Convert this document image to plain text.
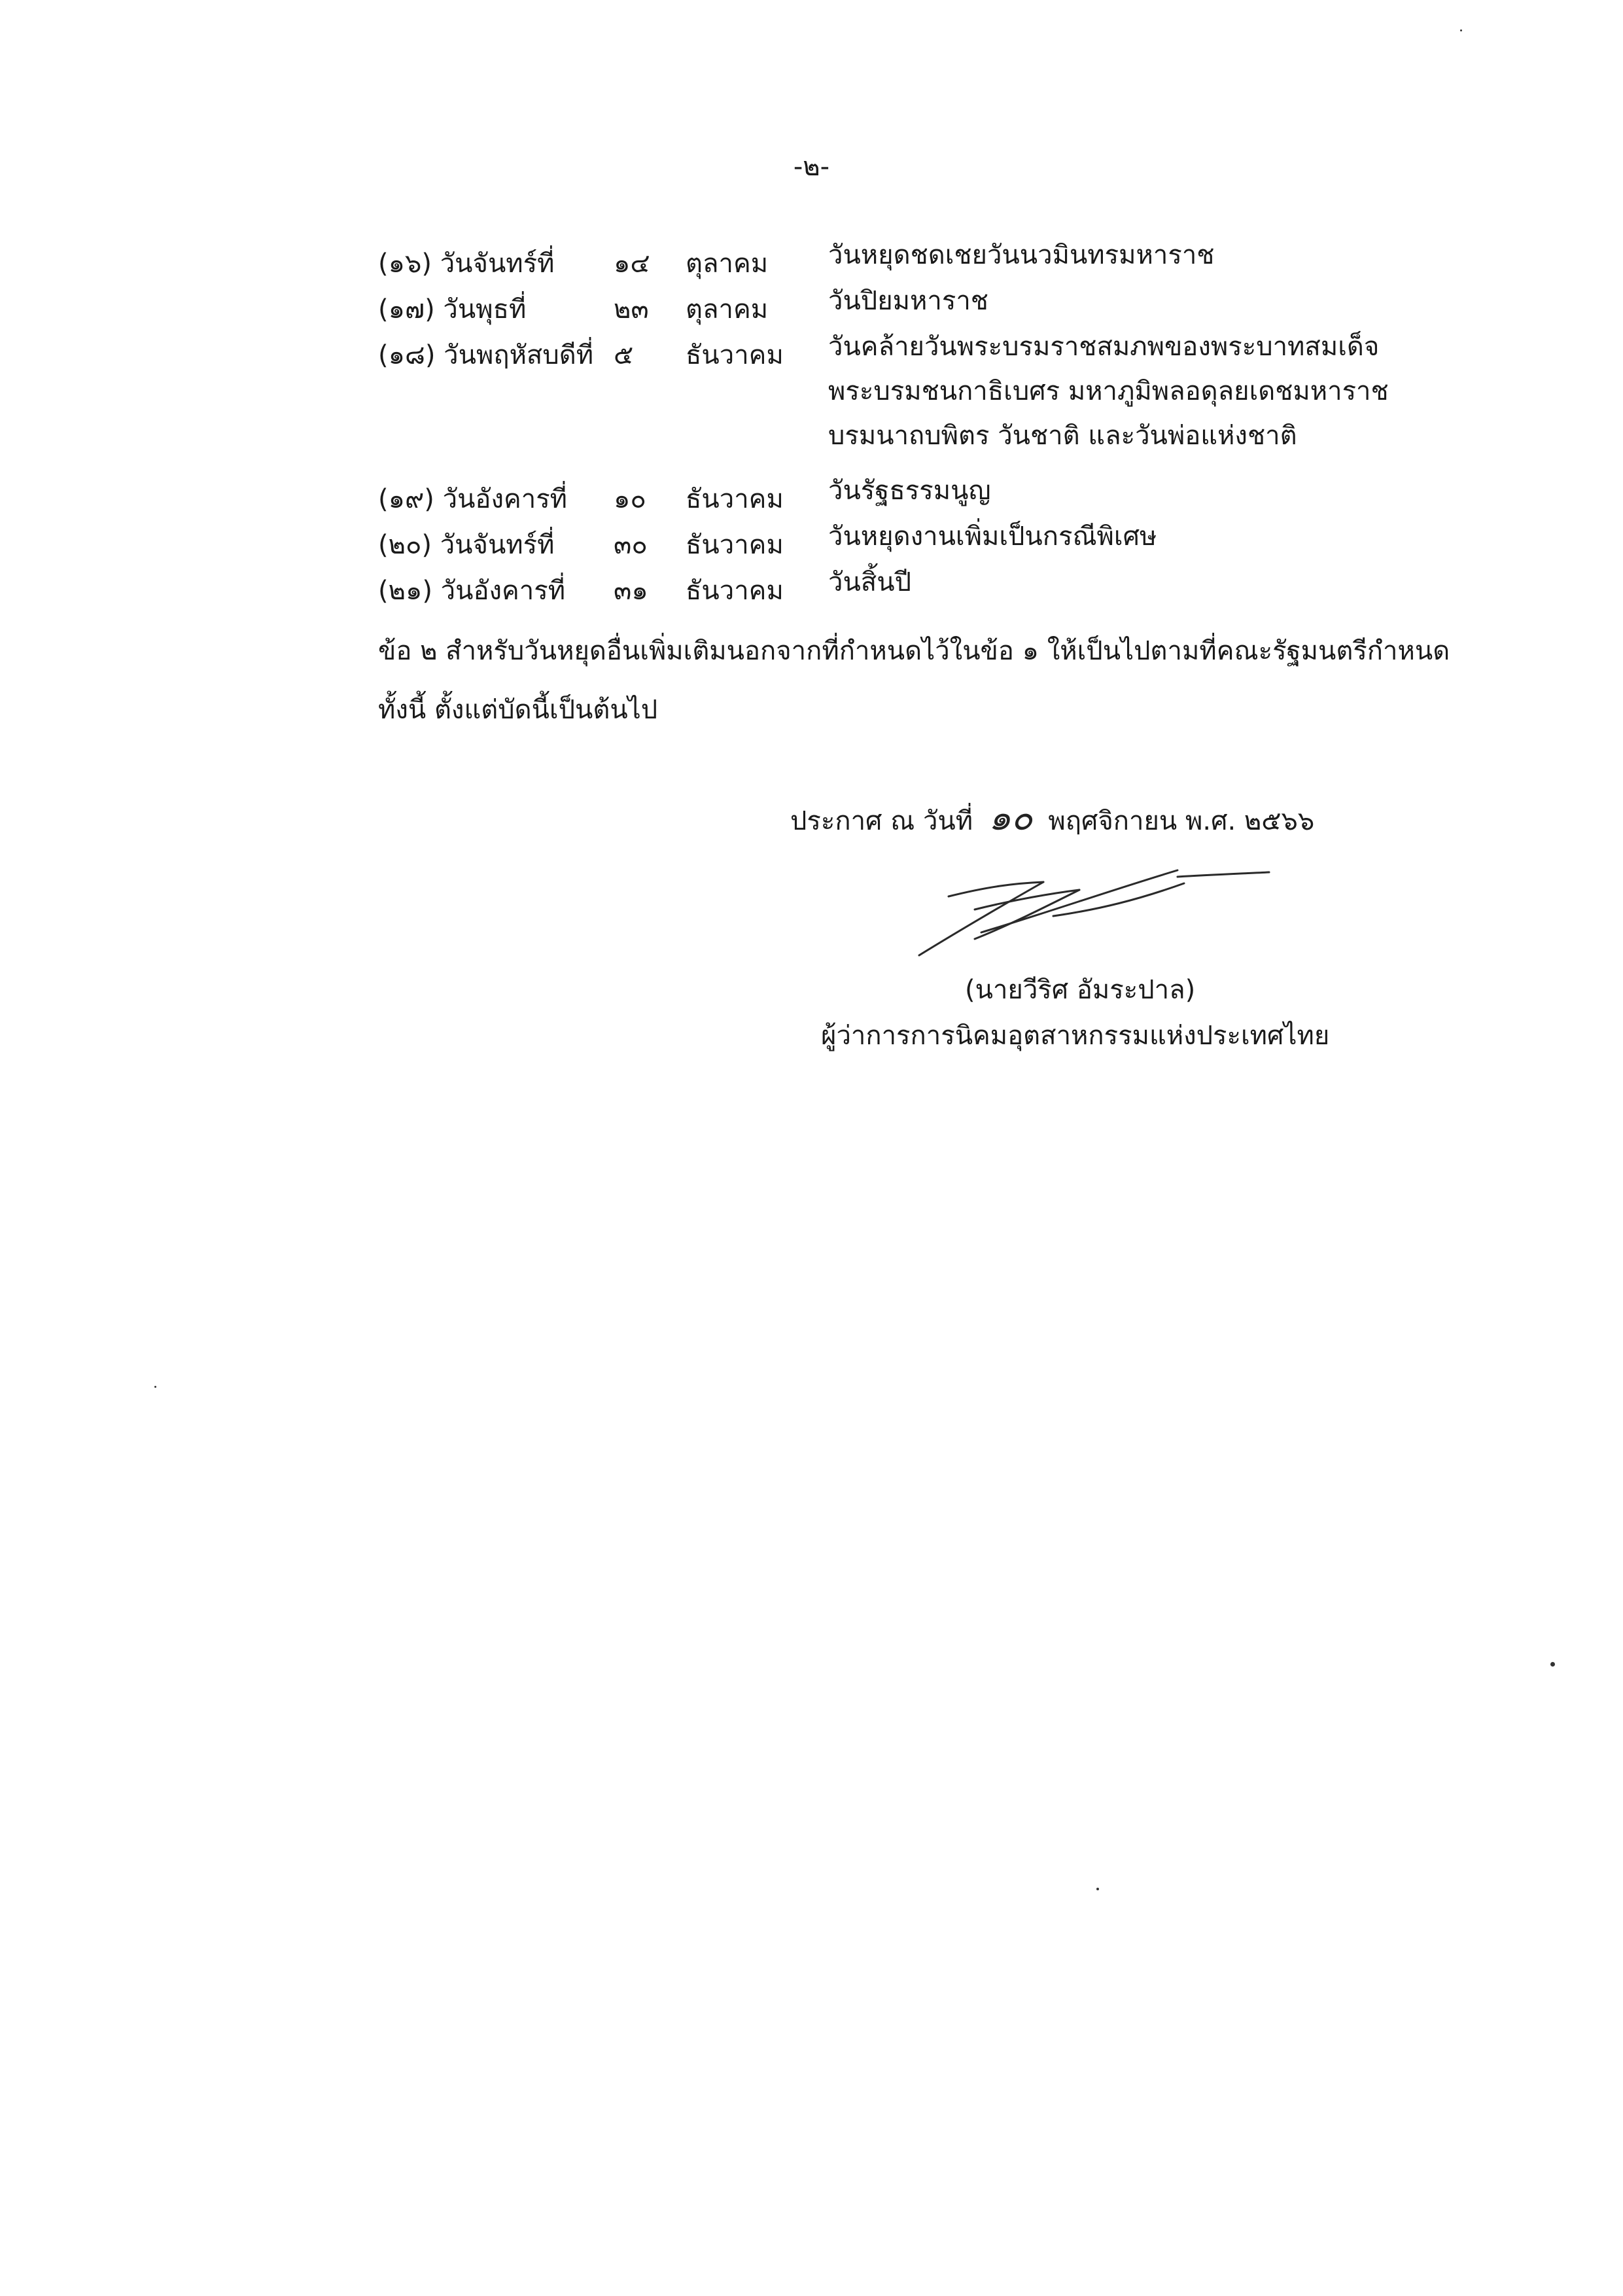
-๒-
(๑๖) วันจันทร์ที่ ๑๔ ตุลาคม วันหยุดชดเชยวันนวมินทรมหาราช
(๑๗) วันพุธที่	๒๓ ตุลาคม วันปิยมหาราช
(๑๘) วันพฤหัสบดีที่ ๕ ธันวาคม วันคล้ายวันพระบรมราชสมภพของพระบาทสมเด็จ
พระบรมชนกาธิเบศร มหาภูมิพลอดุลยเดชมหาราช
บรมนาถบพิตร วันชาติ และวันพ่อแห่งชาติ
(๑๙) วันอังคารที่ ๑๐ ธันวาคม วันรัฐธรรมนูญ
(๒๐) วันจันทร์ที่ ๓๐ ธันวาคม วันหยุดงานเพิ่มเป็นกรณีพิเศษ
(๒๑) วันอังคารที่ ๓๑ ธันวาคม วันสิ้นปี
ข้อ ๒ สำหรับวันหยุดอื่นเพิ่มเติมนอกจากที่กำหนดไว้ในข้อ ๑ ให้เป็นไปตามที่คณะรัฐมนตรีกำหนด
ทั้งนี้ ตั้งแต่บัดนี้เป็นต้นไป
ประกาศ ณ วันที่ ๑๐ พฤศจิกายน พ.ศ. ๒๕๖๖
(นายวีริศ อัมระปาล)
ผู้ว่าการการนิคมอุตสาหกรรมแห่งประเทศไทย
